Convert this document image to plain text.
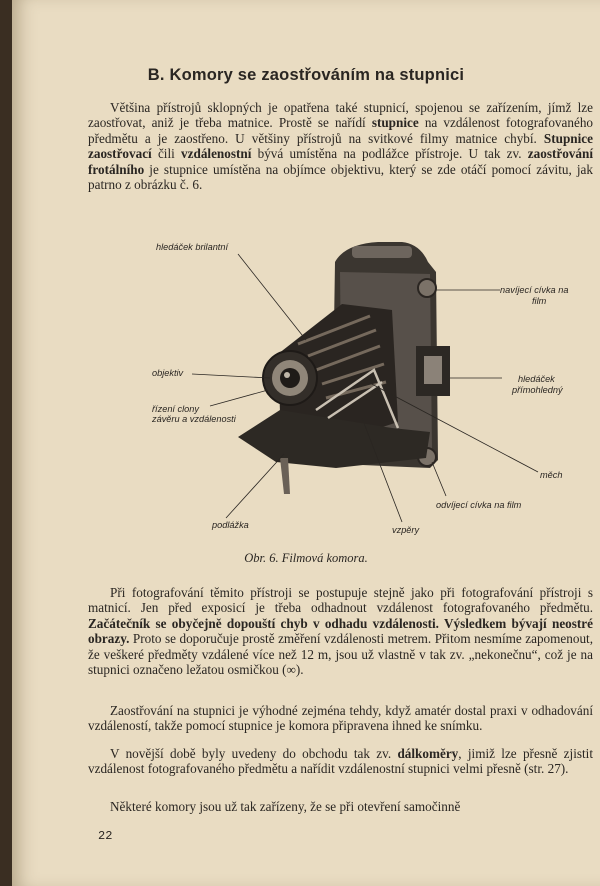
B. Komory se zaostřováním na stupnici
Většina přístrojů sklopných je opatřena také stupnicí, spojenou se zařízením, jímž lze zaostřovat, aniž je třeba matnice. Prostě se nařídí stupnice na vzdálenost fotografovaného předmětu a je zaostřeno. U většiny přístrojů na svitkové filmy matnice chybí. Stupnice zaostřovací čili vzdálenostní bývá umístěna na podlážce přístroje. U tak zv. zaostřování frotálního je stupnice umístěna na objímce objektivu, který se zde otáčí pomocí závitu, jak patrno z obrázku č. 6.
hledáček brilantní
navíjecí cívka na
film
objektiv
řízení clony
závěru a vzdálenosti
hledáček
přímohledný
měch
odvíjecí cívka na film
podlážka	vzpěry
Obr. 6. Filmová komora.
Při fotografování těmito přístroji se postupuje stejně jako při fotografování přístroji s matnicí. Jen před exposicí je třeba odhadnout vzdálenost fotografovaného předmětu. Začátečník se obyčejně dopouští chyb v odhadu vzdálenosti. Výsledkem bývají neostré obrazy. Proto se doporučuje prostě změření vzdálenosti metrem. Přitom nesmíme zapomenout, že veškeré předměty vzdálené více než 12 m, jsou už vlastně v tak zv. „nekonečnu“, což je na stupnici označeno ležatou osmičkou (∞).
Zaostřování na stupnici je výhodné zejména tehdy, když amatér dostal praxi v odhadování vzdáleností, takže pomocí stupnice je komora připravena ihned ke snímku.
V novější době byly uvedeny do obchodu tak zv. dálkoměry, jimiž lze přesně zjistit vzdálenost fotografovaného předmětu a nařídit vzdálenostní stupnici velmi přesně (str. 27).
Některé komory jsou už tak zařízeny, že se při otevření samočinně
22
